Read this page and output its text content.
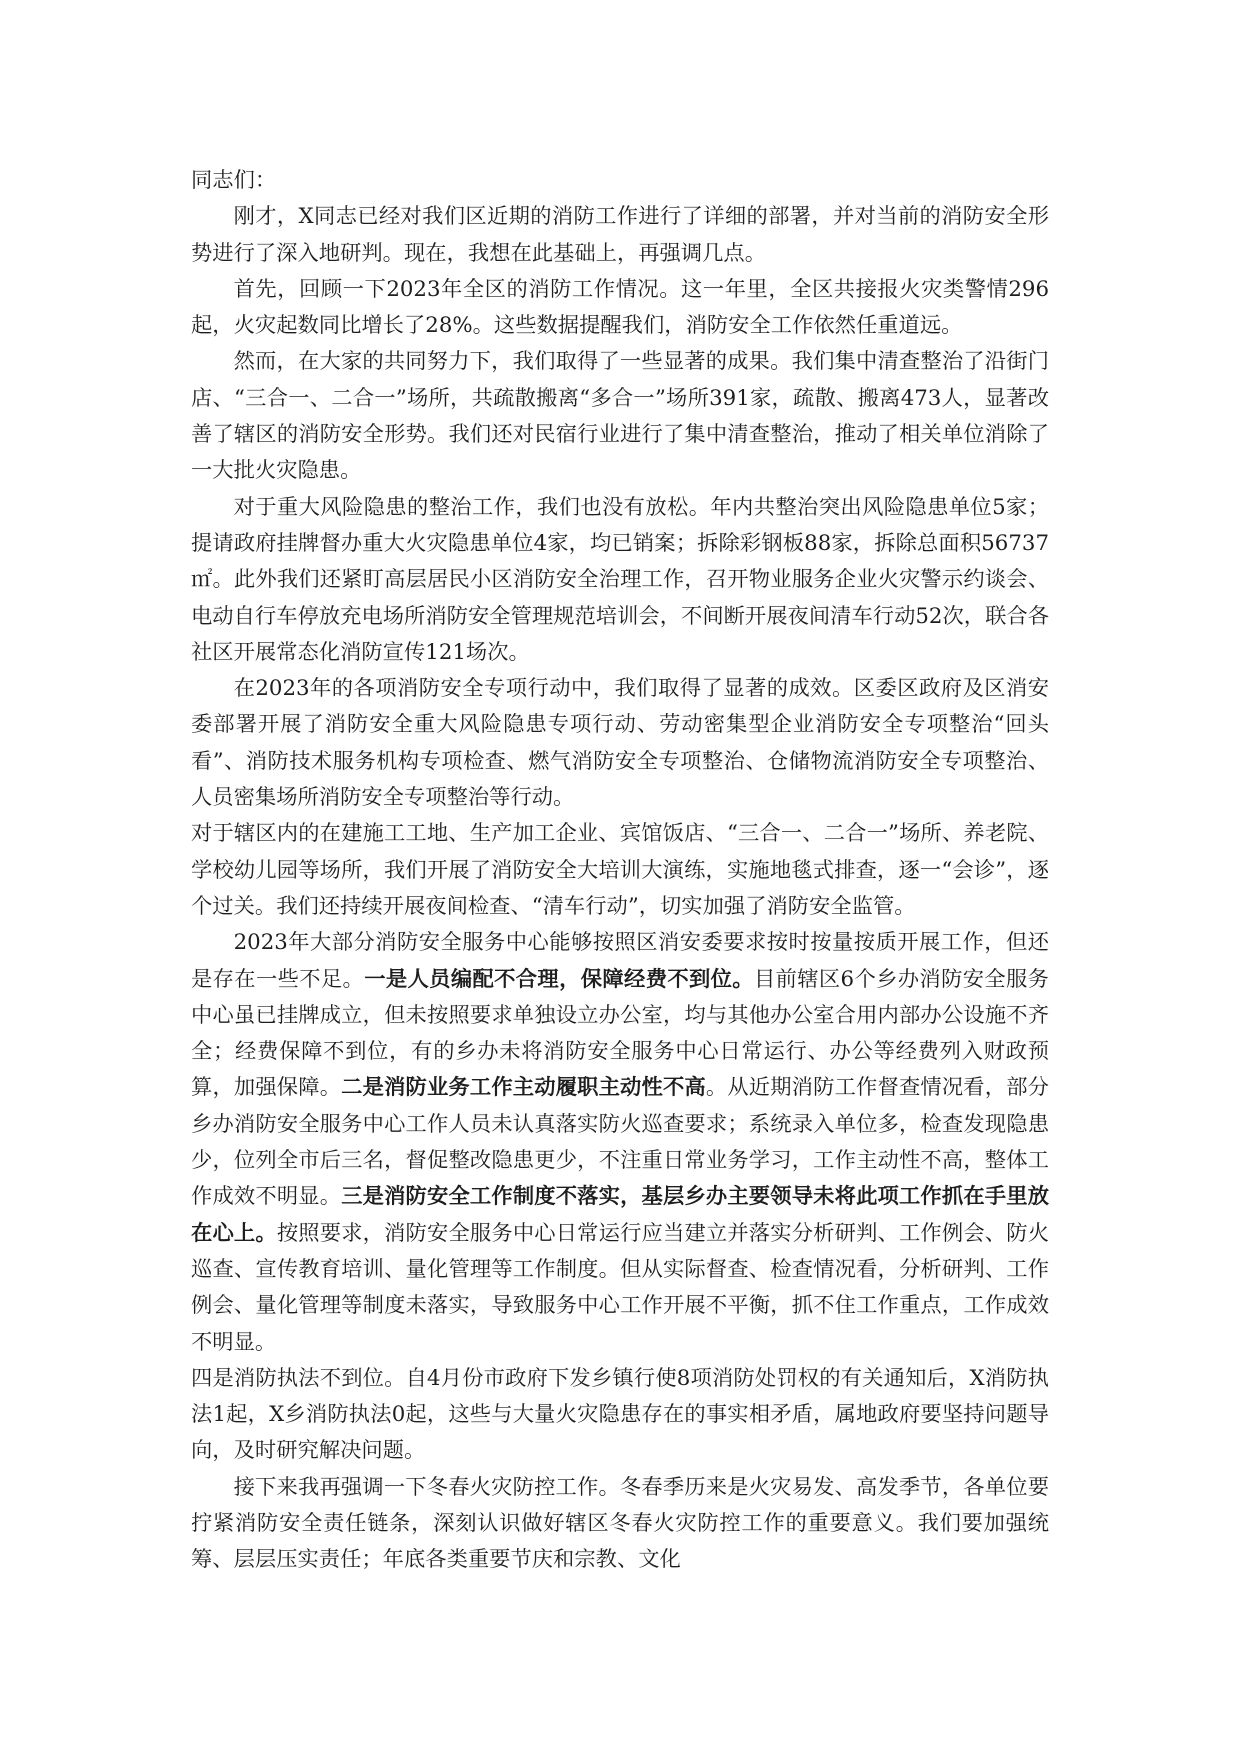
同志们：

刚才，X同志已经对我们区近期的消防工作进行了详细的部署，并对当前的消防安全形势进行了深入地研判。现在，我想在此基础上，再强调几点。

首先，回顾一下2023年全区的消防工作情况。这一年里，全区共接报火灾类警情296起，火灾起数同比增长了28%。这些数据提醒我们，消防安全工作依然任重道远。

然而，在大家的共同努力下，我们取得了一些显著的成果。我们集中清查整治了沿街门店、“三合一、二合一”场所，共疏散搬离“多合一”场所391家，疏散、搬离473人，显著改善了辖区的消防安全形势。我们还对民宿行业进行了集中清查整治，推动了相关单位消除了一大批火灾隐患。

对于重大风险隐患的整治工作，我们也没有放松。年内共整治突出风险隐患单位5家；提请政府挂牌督办重大火灾隐患单位4家，均已销案；拆除彩钢板88家，拆除总面积56737㎡。此外我们还紧盯高层居民小区消防安全治理工作，召开物业服务企业火灾警示约谈会、电动自行车停放充电场所消防安全管理规范培训会，不间断开展夜间清车行动52次，联合各社区开展常态化消防宣传121场次。

在2023年的各项消防安全专项行动中，我们取得了显著的成效。区委区政府及区消安委部署开展了消防安全重大风险隐患专项行动、劳动密集型企业消防安全专项整治“回头看”、消防技术服务机构专项检查、燃气消防安全专项整治、仓储物流消防安全专项整治、人员密集场所消防安全专项整治等行动。

对于辖区内的在建施工工地、生产加工企业、宾馆饭店、“三合一、二合一”场所、养老院、学校幼儿园等场所，我们开展了消防安全大培训大演练，实施地毯式排查，逐一“会诊”，逐个过关。我们还持续开展夜间检查、“清车行动”，切实加强了消防安全监管。

2023年大部分消防安全服务中心能够按照区消安委要求按时按量按质开展工作，但还是存在一些不足。一是人员编配不合理，保障经费不到位。目前辖区6个乡办消防安全服务中心虽已挂牌成立，但未按照要求单独设立办公室，均与其他办公室合用内部办公设施不齐全；经费保障不到位，有的乡办未将消防安全服务中心日常运行、办公等经费列入财政预算，加强保障。二是消防业务工作主动履职主动性不高。从近期消防工作督查情况看，部分乡办消防安全服务中心工作人员未认真落实防火巡查要求；系统录入单位多，检查发现隐患少，位列全市后三名，督促整改隐患更少，不注重日常业务学习，工作主动性不高，整体工作成效不明显。三是消防安全工作制度不落实，基层乡办主要领导未将此项工作抓在手里放在心上。按照要求，消防安全服务中心日常运行应当建立并落实分析研判、工作例会、防火巡查、宣传教育培训、量化管理等工作制度。但从实际督查、检查情况看，分析研判、工作例会、量化管理等制度未落实，导致服务中心工作开展不平衡，抓不住工作重点，工作成效不明显。

四是消防执法不到位。自4月份市政府下发乡镇行使8项消防处罚权的有关通知后，X消防执法1起，X乡消防执法0起，这些与大量火灾隐患存在的事实相矛盾，属地政府要坚持问题导向，及时研究解决问题。

接下来我再强调一下冬春火灾防控工作。冬春季历来是火灾易发、高发季节，各单位要拧紧消防安全责任链条，深刻认识做好辖区冬春火灾防控工作的重要意义。我们要加强统筹、层层压实责任；年底各类重要节庆和宗教、文化
